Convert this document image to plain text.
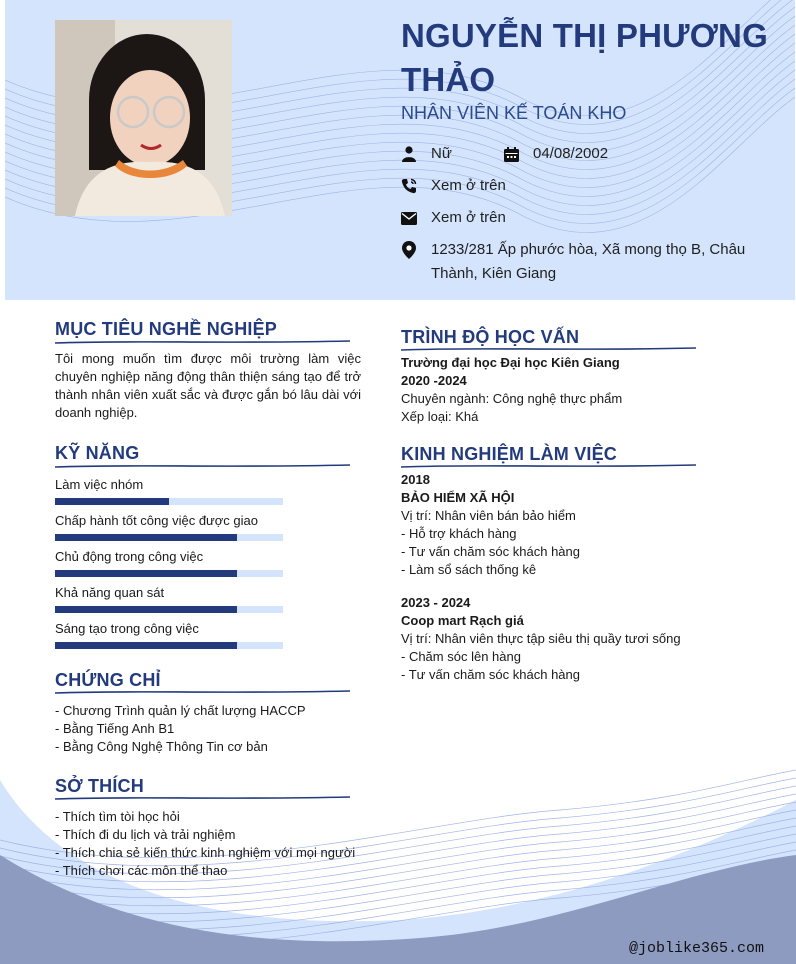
NGUYỄN THỊ PHƯƠNG THẢO
NHÂN VIÊN KẾ TOÁN KHO
Nữ	04/08/2002
Xem ở trên
Xem ở trên
1233/281 Ấp phước hòa, Xã mong thọ B, Châu Thành, Kiên Giang
MỤC TIÊU NGHỀ NGHIỆP
Tôi mong muốn tìm được môi trường làm việc chuyên nghiệp năng động thân thiện sáng tạo để trở thành nhân viên xuất sắc và được gắn bó lâu dài với doanh nghiệp.
KỸ NĂNG
Làm việc nhóm
Chấp hành tốt công việc được giao
Chủ động trong công việc
Khả năng quan sát
Sáng tạo trong công việc
CHỨNG CHỈ
- Chương Trình quản lý chất lượng HACCP
- Bằng Tiếng Anh B1
- Bằng Công Nghệ Thông Tin cơ bản
SỞ THÍCH
- Thích tìm tòi học hỏi
- Thích đi du lịch và trải nghiệm
- Thích chia sẻ kiến thức kinh nghiệm với mọi người
- Thích chơi các môn thể thao
TRÌNH ĐỘ HỌC VẤN
Trường đại học Đại học Kiên Giang
2020 -2024
Chuyên ngành: Công nghệ thực phẩm
Xếp loại: Khá
KINH NGHIỆM LÀM VIỆC
2018
BẢO HIỂM XÃ HỘI
Vị trí: Nhân viên bán bảo hiểm
- Hỗ trợ khách hàng
- Tư vấn chăm sóc khách hàng
- Làm sổ sách thống kê
2023 - 2024
Coop mart Rạch giá
Vị trí: Nhân viên thực tập siêu thị quầy tươi sống
- Chăm sóc lên hàng
- Tư vấn chăm sóc khách hàng
@joblike365.com
